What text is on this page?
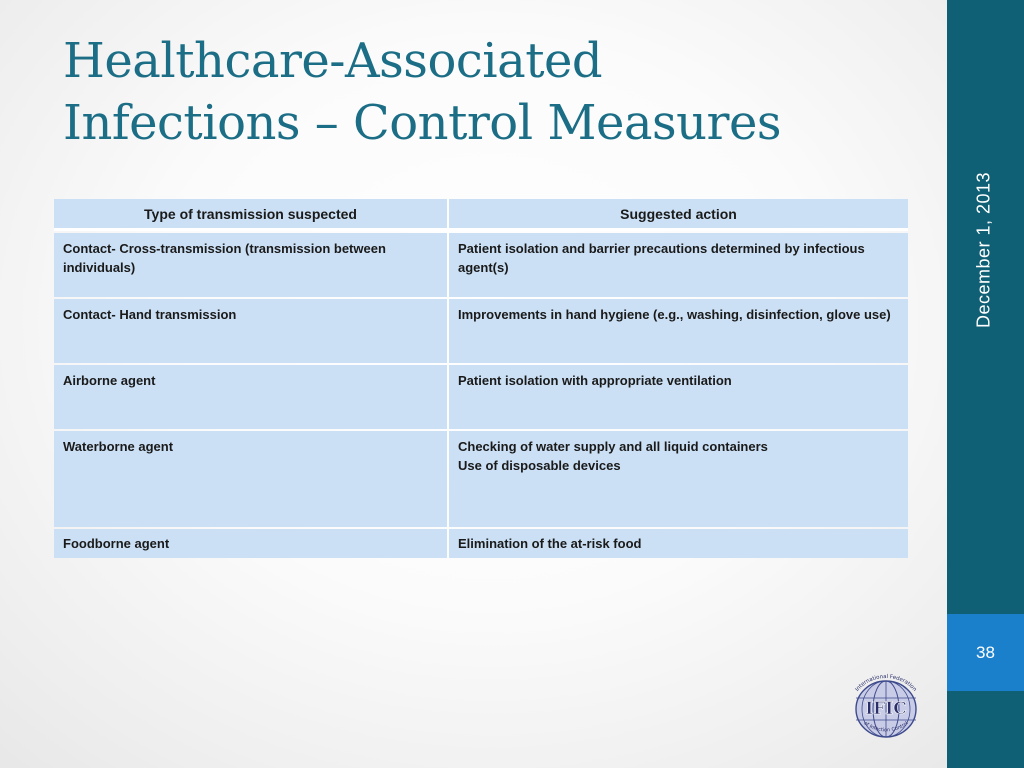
Healthcare-Associated
Infections – Control Measures
December 1, 2013
38
Type of transmission suspected	Suggested action
Contact- Cross-transmission (transmission between individuals)	Patient isolation and barrier precautions determined by infectious agent(s)
Contact- Hand transmission	Improvements in hand hygiene (e.g., washing, disinfection, glove use)
Airborne agent	Patient isolation with appropriate ventilation
Waterborne agent	Checking of water supply and all liquid containers
Use of disposable devices

Foodborne agent	Elimination of the at-risk food
International Federation
IFIC
of Infection Control
